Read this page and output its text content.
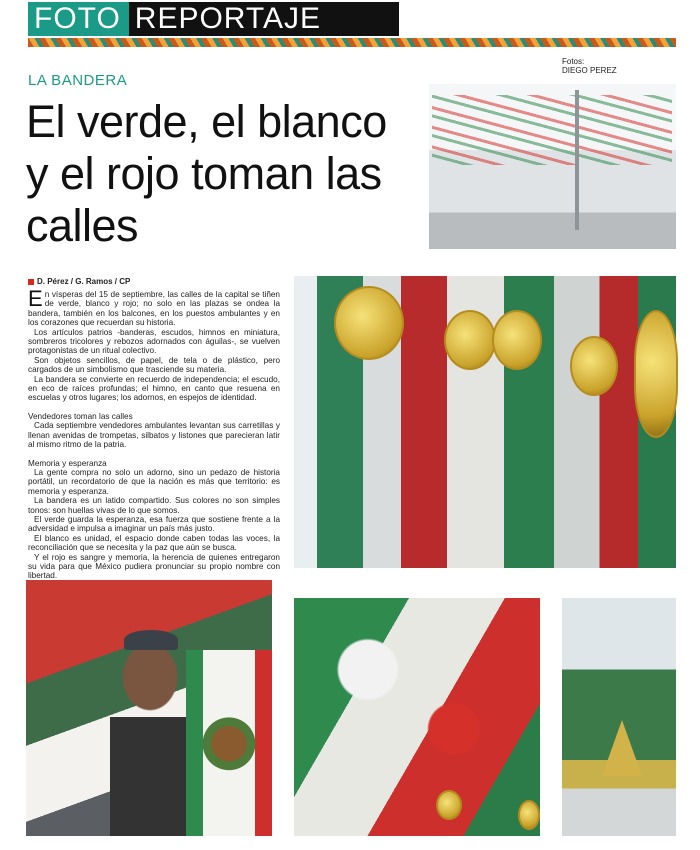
FOTO REPORTAJE
Fotos:
DIEGO PEREZ
LA BANDERA
El verde, el blanco y el rojo toman las calles
D. Pérez / G. Ramos / CP

En vísperas del 15 de septiembre, las calles de la capital se tiñen de verde, blanco y rojo; no solo en las plazas se ondea la bandera, también en los balcones, en los puestos ambulantes y en los corazones que recuerdan su historia.

Los artículos patrios -banderas, escudos, himnos en miniatura, sombreros tricolores y rebozos adornados con águilas-, se vuelven protagonistas de un ritual colectivo.

Son objetos sencillos, de papel, de tela o de plástico, pero cargados de un simbolismo que trasciende su materia.

La bandera se convierte en recuerdo de independencia; el escudo, en eco de raíces profundas; el himno, en canto que resuena en escuelas y otros lugares; los adornos, en espejos de identidad.

Vendedores toman las calles

Cada septiembre vendedores ambulantes levantan sus carretillas y llenan avenidas de trompetas, silbatos y listones que parecieran latir al mismo ritmo de la patria.

Memoria y esperanza

La gente compra no solo un adorno, sino un pedazo de historia portátil, un recordatorio de que la nación es más que territorio: es memoria y esperanza.

La bandera es un latido compartido. Sus colores no son simples tonos: son huellas vivas de lo que somos.

El verde guarda la esperanza, esa fuerza que sostiene frente a la adversidad e impulsa a imaginar un país más justo.

El blanco es unidad, el espacio donde caben todas las voces, la reconciliación que se necesita y la paz que aún se busca.

Y el rojo es sangre y memoria, la herencia de quienes entregaron su vida para que México pudiera pronunciar su propio nombre con libertad.
